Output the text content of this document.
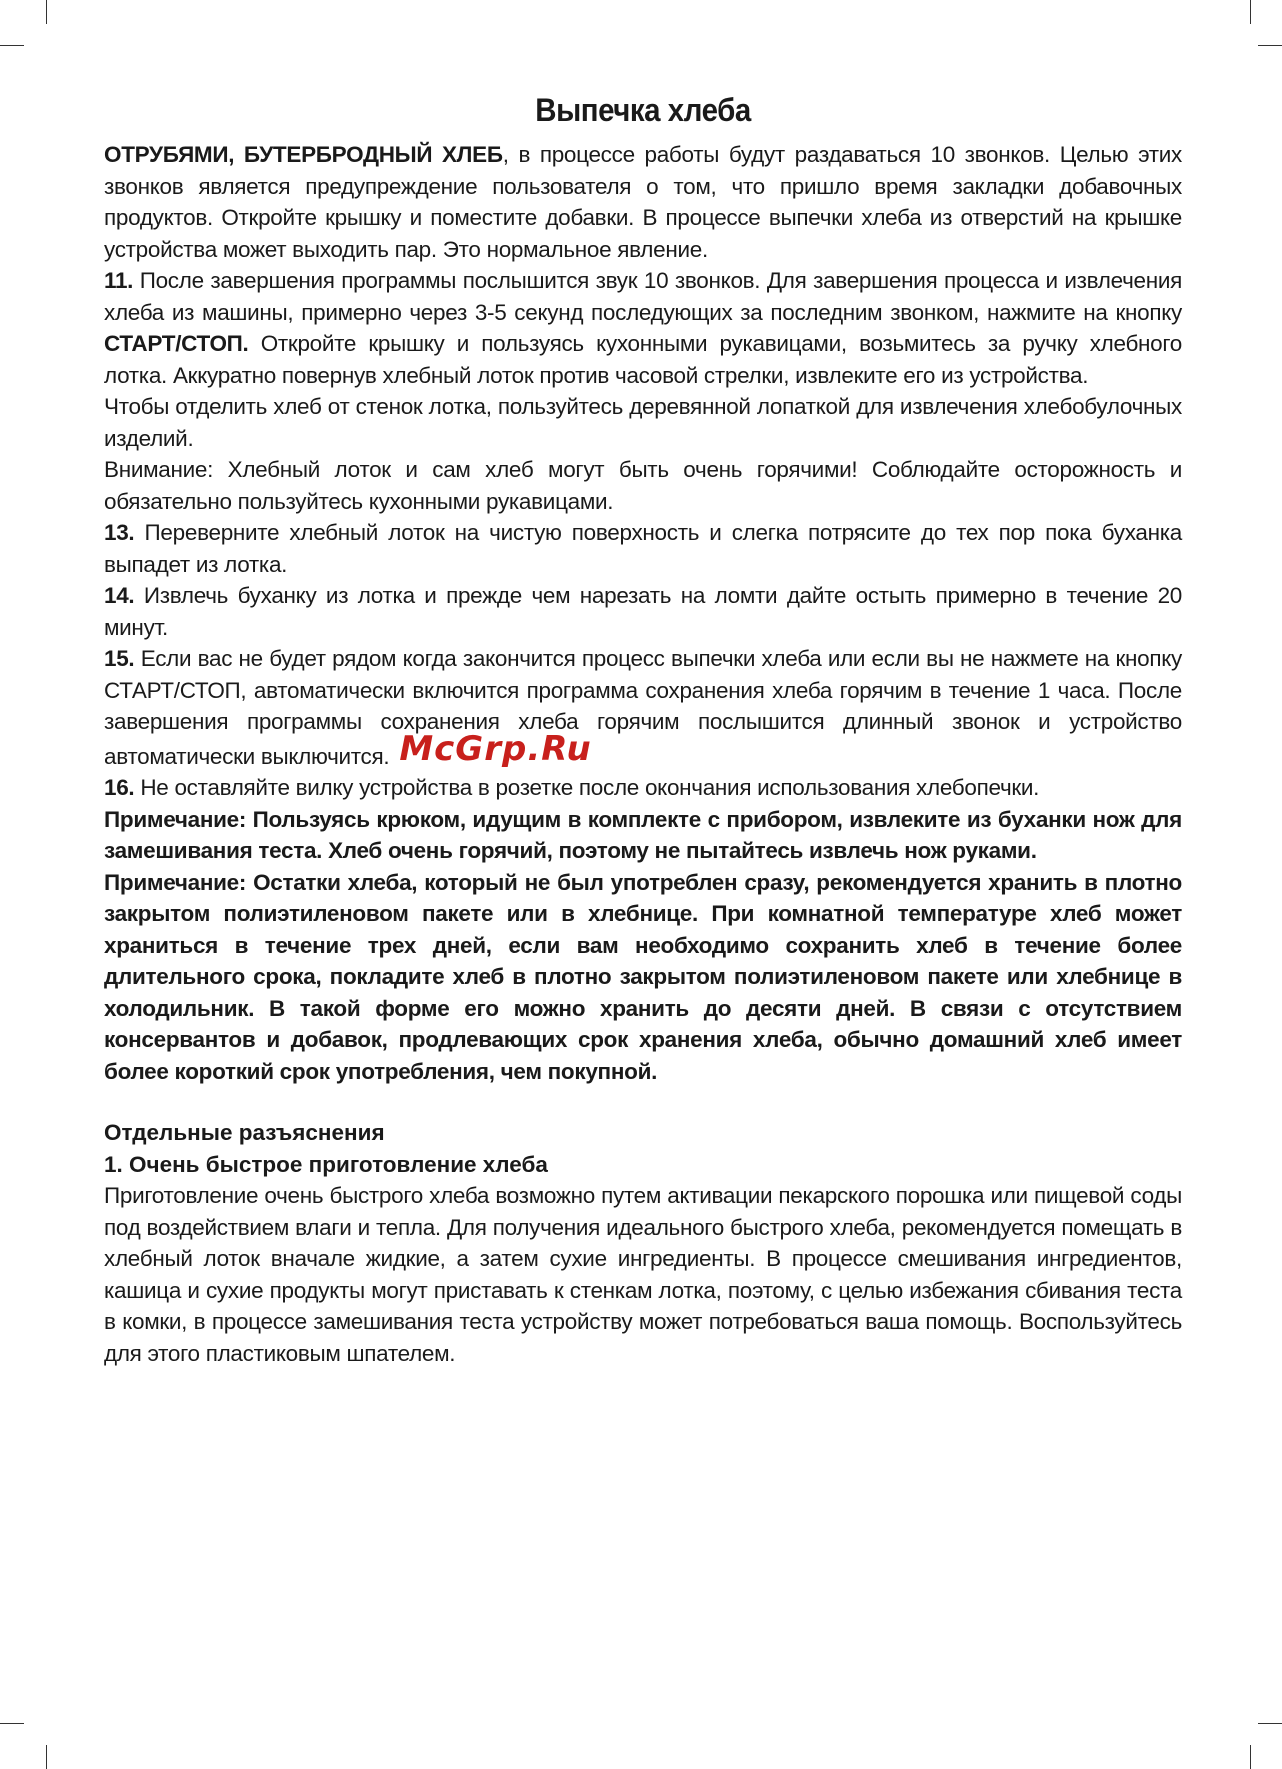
Выпечка хлеба

ОТРУБЯМИ, БУТЕРБРОДНЫЙ ХЛЕБ, в процессе работы будут раздаваться 10 звонков. Целью этих звонков является предупреждение пользователя о том, что пришло время закладки добавочных продуктов. Откройте крышку и поместите добавки. В процессе выпечки хлеба из отверстий на крышке устройства может выходить пар. Это нормальное явление.

11. После завершения программы послышится звук 10 звонков. Для завершения процесса и извлечения хлеба из машины, примерно через 3-5 секунд последующих за последним звонком, нажмите на кнопку СТАРТ/СТОП. Откройте крышку и пользуясь кухонными рукавицами, возьмитесь за ручку хлебного лотка. Аккуратно повернув хлебный лоток против часовой стрелки, извлеките его из устройства.

Чтобы отделить хлеб от стенок лотка, пользуйтесь деревянной лопаткой для извлечения хлебобулочных изделий.

Внимание: Хлебный лоток и сам хлеб могут быть очень горячими! Соблюдайте осторожность и обязательно пользуйтесь кухонными рукавицами.

13. Переверните хлебный лоток на чистую поверхность и слегка потрясите до тех пор пока буханка выпадет из лотка.

14. Извлечь буханку из лотка и прежде чем нарезать на ломти дайте остыть примерно в течение 20 минут.

15. Если вас не будет рядом когда закончится процесс выпечки хлеба или если вы не нажмете на кнопку СТАРТ/СТОП, автоматически включится программа сохранения хлеба горячим в течение 1 часа. После завершения программы сохранения хлеба горячим послышится длинный звонок и устройство автоматически выключится. McGrp.Ru

16. Не оставляйте вилку устройства в розетке после окончания использования хлебопечки.

Примечание: Пользуясь крюком, идущим в комплекте с прибором, извлеките из буханки нож для замешивания теста. Хлеб очень горячий, поэтому не пытайтесь извлечь нож руками.

Примечание: Остатки хлеба, который не был употреблен сразу, рекомендуется хранить в плотно закрытом полиэтиленовом пакете или в хлебнице. При комнатной температуре хлеб может храниться в течение трех дней, если вам необходимо сохранить хлеб в течение более длительного срока, покладите хлеб в плотно закрытом полиэтиленовом пакете или хлебнице в холодильник. В такой форме его можно хранить до десяти дней. В связи с отсутствием консервантов и добавок, продлевающих срок хранения хлеба, обычно домашний хлеб имеет более короткий срок употребления, чем покупной.

Отдельные разъяснения

1. Очень быстрое приготовление хлеба

Приготовление очень быстрого хлеба возможно путем активации пекарского порошка или пищевой соды под воздействием влаги и тепла. Для получения идеального быстрого хлеба, рекомендуется помещать в хлебный лоток вначале жидкие, а затем сухие ингредиенты. В процессе смешивания ингредиентов, кашица и сухие продукты могут приставать к стенкам лотка, поэтому, с целью избежания сбивания теста в комки, в процессе замешивания теста устройству может потребоваться ваша помощь. Воспользуйтесь для этого пластиковым шпателем.
